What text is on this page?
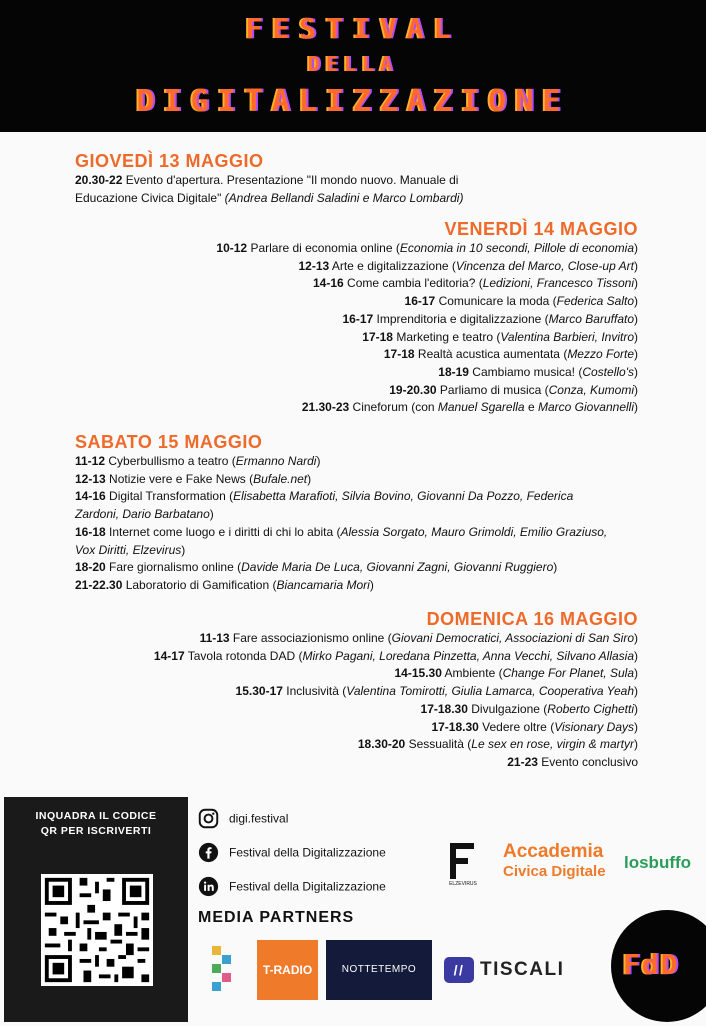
FESTIVAL
DELLA
DIGITALIZZAZIONE
GIOVEDÌ 13 MAGGIO
20.30-22 Evento d'apertura. Presentazione "Il mondo nuovo. Manuale di
Educazione Civica Digitale" (Andrea Bellandi Saladini e Marco Lombardi)
VENERDÌ 14 MAGGIO
10-12 Parlare di economia online (Economia in 10 secondi, Pillole di economia)
12-13 Arte e digitalizzazione (Vincenza del Marco, Close-up Art)
14-16 Come cambia l'editoria? (Ledizioni, Francesco Tissoni)
16-17 Comunicare la moda (Federica Salto)
16-17 Imprenditoria e digitalizzazione (Marco Baruffato)
17-18 Marketing e teatro (Valentina Barbieri, Invitro)
17-18 Realtà acustica aumentata (Mezzo Forte)
18-19 Cambiamo musica! (Costello's)
19-20.30 Parliamo di musica (Conza, Kumomi)
21.30-23 Cineforum (con Manuel Sgarella e Marco Giovannelli)
SABATO 15 MAGGIO
11-12 Cyberbullismo a teatro (Ermanno Nardi)
12-13 Notizie vere e Fake News (Bufale.net)
14-16 Digital Transformation (Elisabetta Marafioti, Silvia Bovino, Giovanni Da Pozzo, Federica Zardoni, Dario Barbatano)
16-18 Internet come luogo e i diritti di chi lo abita (Alessia Sorgato, Mauro Grimoldi, Emilio Graziuso, Vox Diritti, Elzevirus)
18-20 Fare giornalismo online (Davide Maria De Luca, Giovanni Zagni, Giovanni Ruggiero)
21-22.30 Laboratorio di Gamification (Biancamaria Mori)
DOMENICA 16 MAGGIO
11-13 Fare associazionismo online (Giovani Democratici, Associazioni di San Siro)
14-17 Tavola rotonda DAD (Mirko Pagani, Loredana Pinzetta, Anna Vecchi, Silvano Allasia)
14-15.30 Ambiente (Change For Planet, Sula)
15.30-17 Inclusività (Valentina Tomirotti, Giulia Lamarca, Cooperativa Yeah)
17-18.30 Divulgazione (Roberto Cighetti)
17-18.30 Vedere oltre (Visionary Days)
18.30-20 Sessualità (Le sex en rose, virgin & martyr)
21-23 Evento conclusivo
INQUADRA IL CODICE
QR PER ISCRIVERTI
digi.festival
Festival della Digitalizzazione
Festival della Digitalizzazione	ELZEVIRUS
Accademia
Civica Digitale losbuffo
MEDIA PARTNERS
T-RADIO	NOTTETEMPO	// TISCALI FdD
